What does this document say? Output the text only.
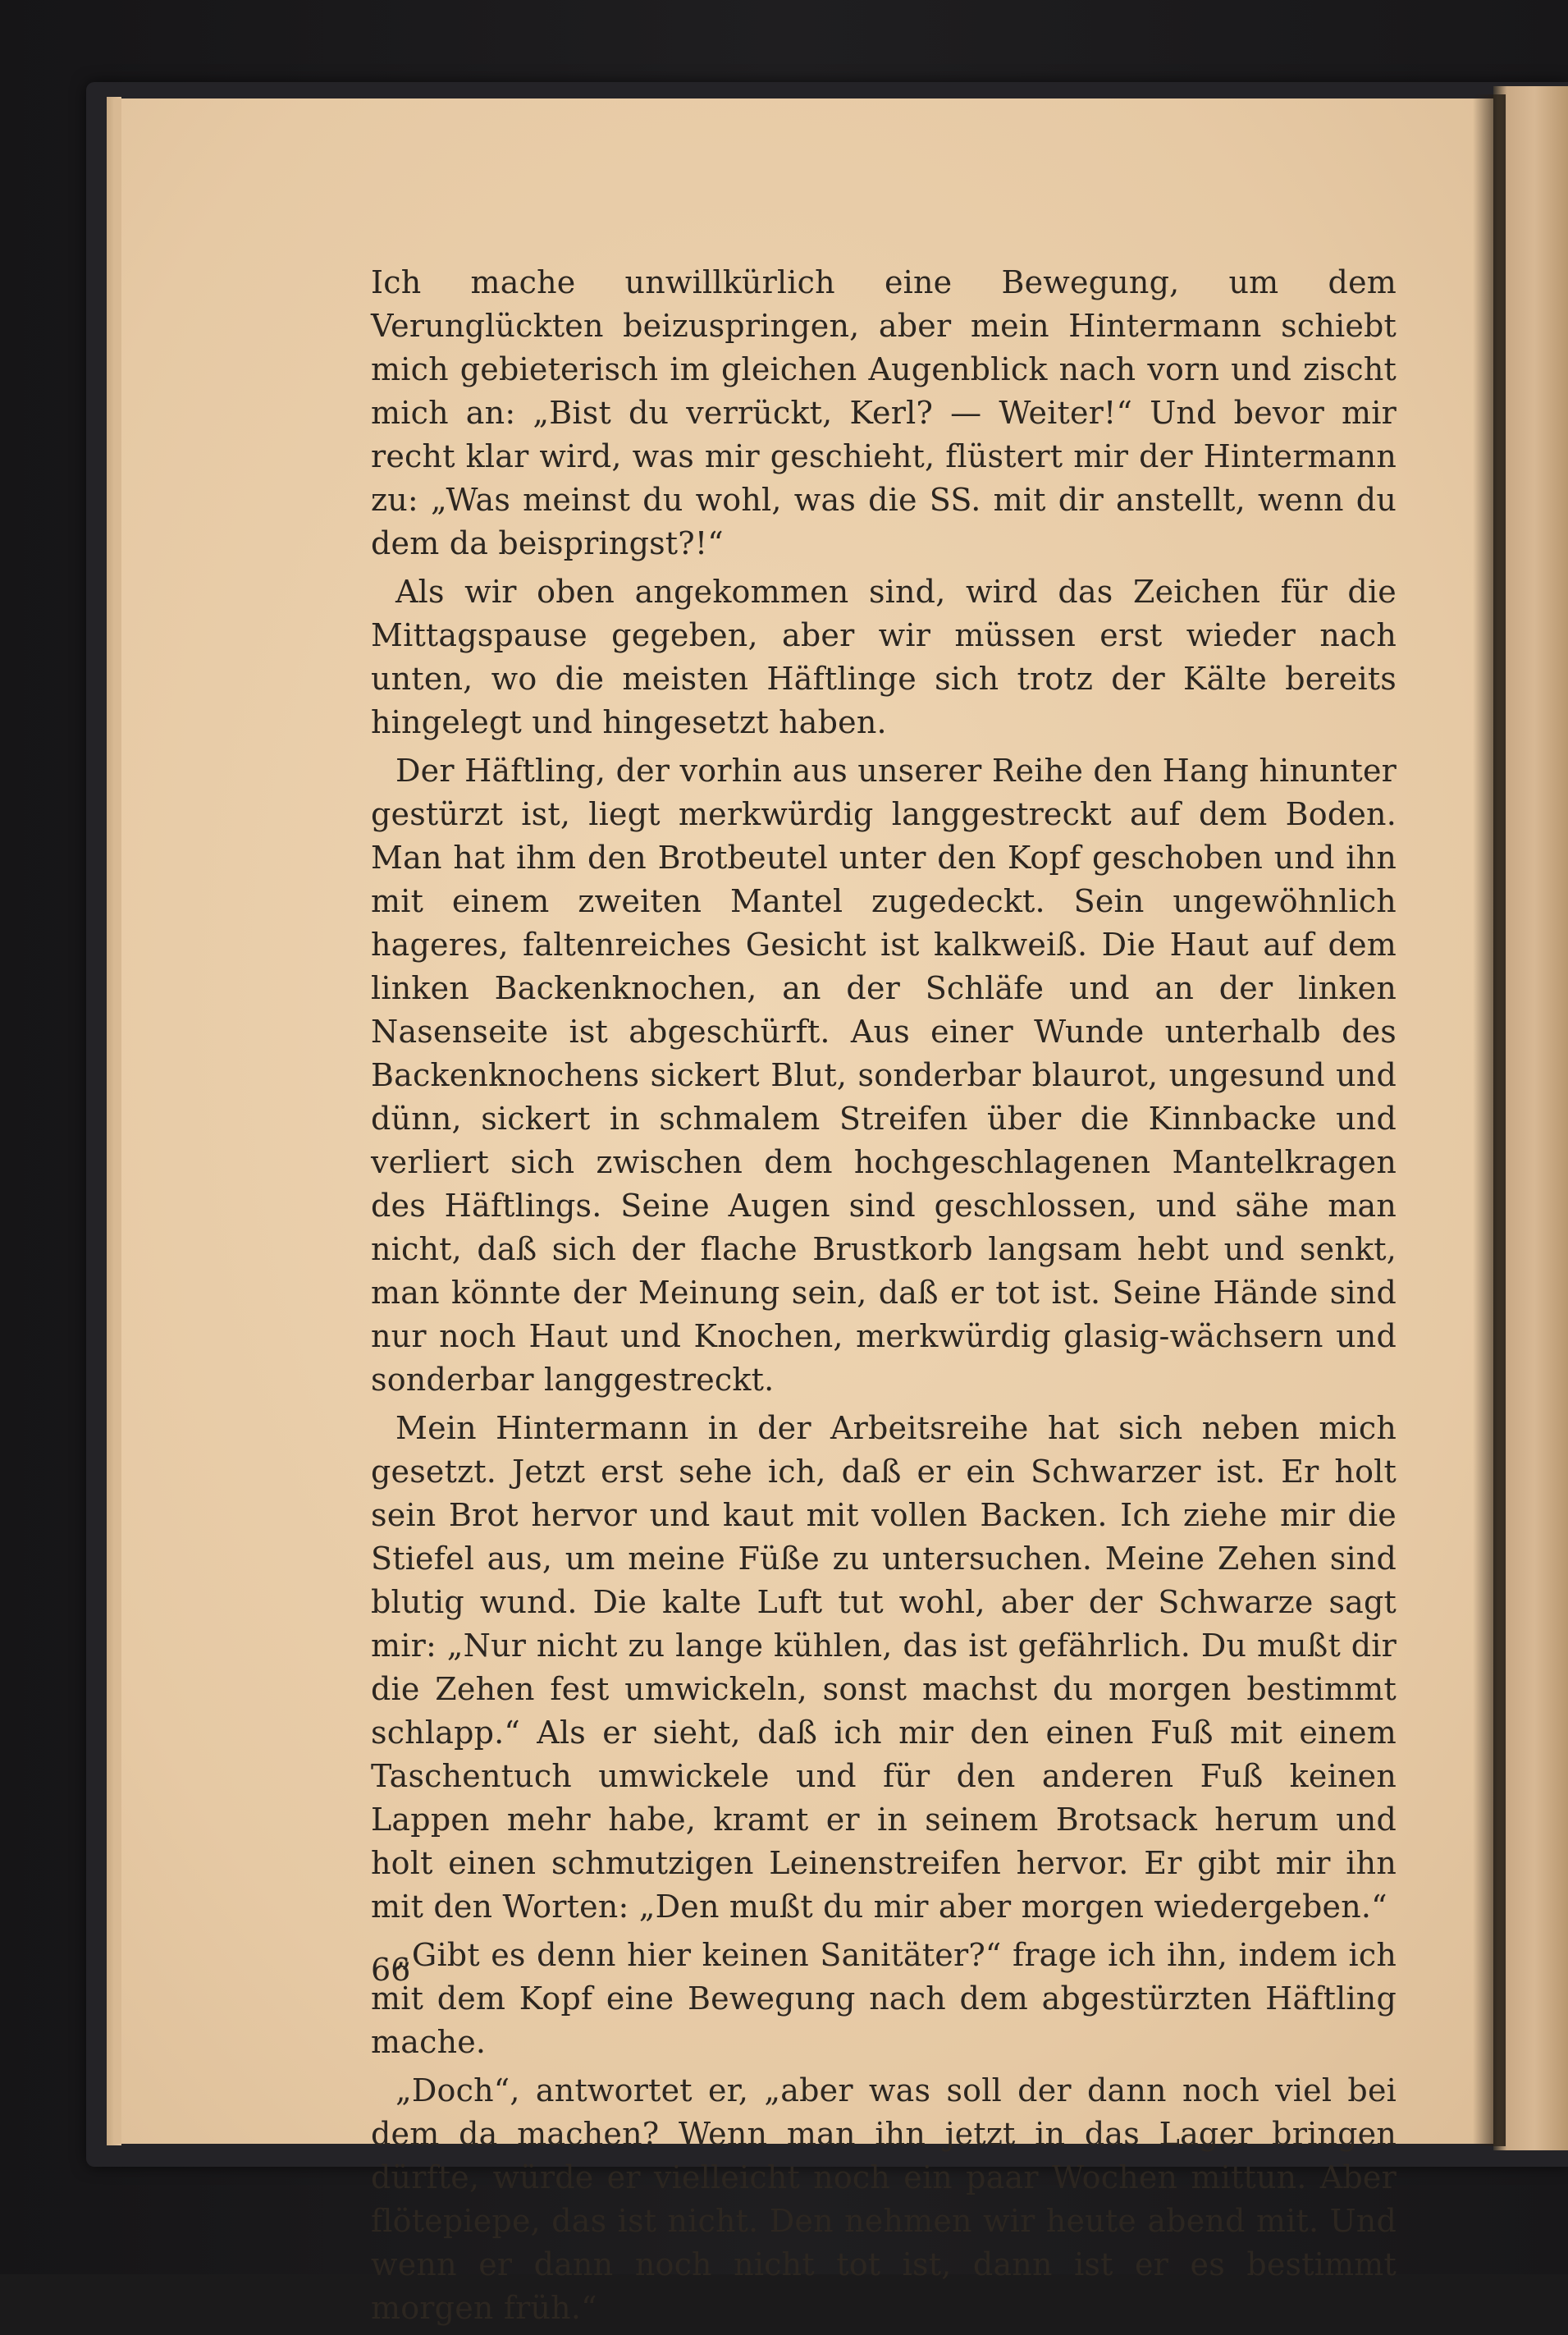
Ich mache unwillkürlich eine Bewegung, um dem Verunglückten beizuspringen, aber mein Hintermann schiebt mich gebieterisch im gleichen Augenblick nach vorn und zischt mich an: „Bist du verrückt, Kerl? — Weiter!“ Und bevor mir recht klar wird, was mir geschieht, flüstert mir der Hintermann zu: „Was meinst du wohl, was die SS. mit dir anstellt, wenn du dem da beispringst?!“

Als wir oben angekommen sind, wird das Zeichen für die Mittagspause gegeben, aber wir müssen erst wieder nach unten, wo die meisten Häftlinge sich trotz der Kälte bereits hingelegt und hingesetzt haben.

Der Häftling, der vorhin aus unserer Reihe den Hang hinunter gestürzt ist, liegt merkwürdig langgestreckt auf dem Boden. Man hat ihm den Brotbeutel unter den Kopf geschoben und ihn mit einem zweiten Mantel zugedeckt. Sein ungewöhnlich hageres, faltenreiches Gesicht ist kalkweiß. Die Haut auf dem linken Backenknochen, an der Schläfe und an der linken Nasenseite ist abgeschürft. Aus einer Wunde unterhalb des Backenknochens sickert Blut, sonderbar blaurot, ungesund und dünn, sickert in schmalem Streifen über die Kinnbacke und verliert sich zwischen dem hochgeschlagenen Mantelkragen des Häftlings. Seine Augen sind geschlossen, und sähe man nicht, daß sich der flache Brustkorb langsam hebt und senkt, man könnte der Meinung sein, daß er tot ist. Seine Hände sind nur noch Haut und Knochen, merkwürdig glasig-wächsern und sonderbar langgestreckt.

Mein Hintermann in der Arbeitsreihe hat sich neben mich gesetzt. Jetzt erst sehe ich, daß er ein Schwarzer ist. Er holt sein Brot hervor und kaut mit vollen Backen. Ich ziehe mir die Stiefel aus, um meine Füße zu untersuchen. Meine Zehen sind blutig wund. Die kalte Luft tut wohl, aber der Schwarze sagt mir: „Nur nicht zu lange kühlen, das ist gefährlich. Du mußt dir die Zehen fest umwickeln, sonst machst du morgen bestimmt schlapp.“ Als er sieht, daß ich mir den einen Fuß mit einem Taschentuch umwickele und für den anderen Fuß keinen Lappen mehr habe, kramt er in seinem Brotsack herum und holt einen schmutzigen Leinenstreifen hervor. Er gibt mir ihn mit den Worten: „Den mußt du mir aber morgen wiedergeben.“

„Gibt es denn hier keinen Sanitäter?“ frage ich ihn, indem ich mit dem Kopf eine Bewegung nach dem abgestürzten Häftling mache.

„Doch“, antwortet er, „aber was soll der dann noch viel bei dem da machen? Wenn man ihn jetzt in das Lager bringen dürfte, würde er vielleicht noch ein paar Wochen mittun. Aber flötepiepe, das ist nicht. Den nehmen wir heute abend mit. Und wenn er dann noch nicht tot ist, dann ist er es bestimmt morgen früh.“

66
